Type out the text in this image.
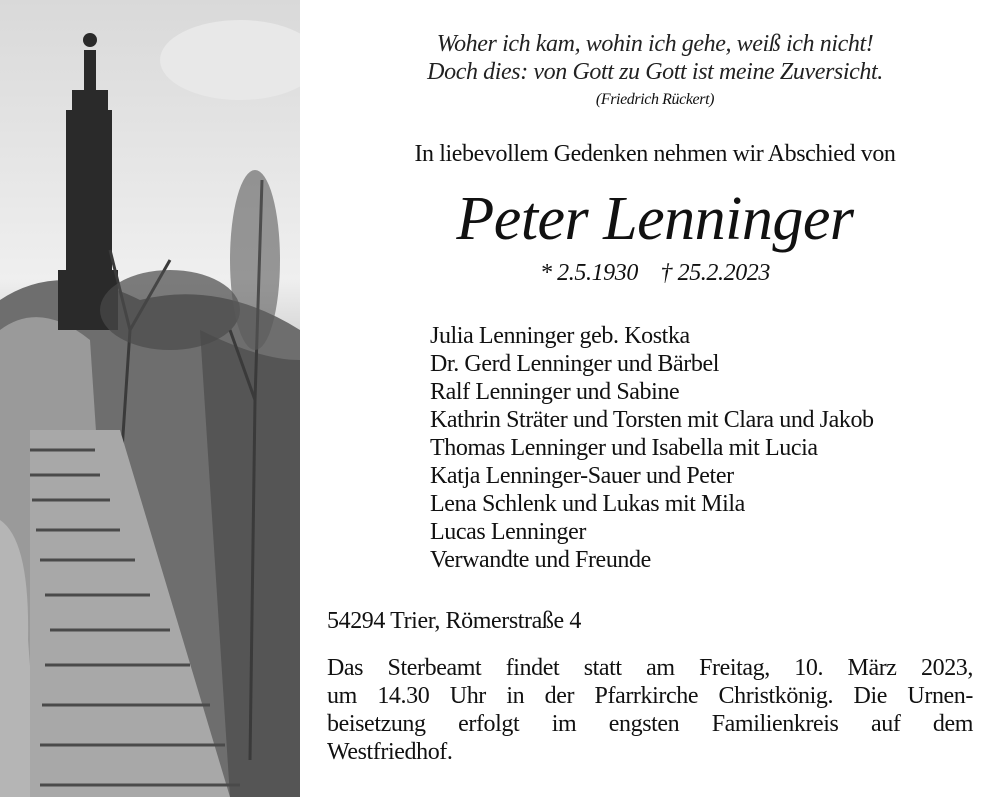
Woher ich kam, wohin ich gehe, weiß ich nicht!
Doch dies: von Gott zu Gott ist meine Zuversicht.
(Friedrich Rückert)
In liebevollem Gedenken nehmen wir Abschied von
Peter Lenninger
* 2.5.1930 † 25.2.2023
Julia Lenninger geb. Kostka
Dr. Gerd Lenninger und Bärbel
Ralf Lenninger und Sabine
Kathrin Sträter und Torsten mit Clara und Jakob
Thomas Lenninger und Isabella mit Lucia
Katja Lenninger-Sauer und Peter
Lena Schlenk und Lukas mit Mila
Lucas Lenninger
Verwandte und Freunde
54294 Trier, Römerstraße 4
Das Sterbeamt findet statt am Freitag, 10. März 2023,
um 14.30 Uhr in der Pfarrkirche Christkönig. Die Urnen-
beisetzung erfolgt im engsten Familienkreis auf dem
Westfriedhof.
